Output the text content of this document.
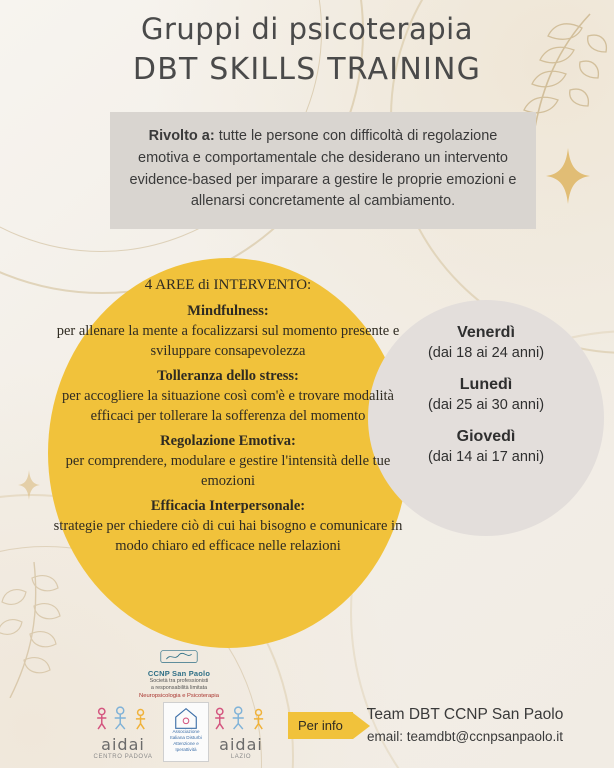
Gruppi di psicoterapia
DBT SKILLS TRAINING
Rivolto a: tutte le persone con difficoltà di regolazione emotiva e comportamentale che desiderano un intervento evidence-based per imparare a gestire le proprie emozioni e allenarsi concretamente al cambiamento.
4 AREE di INTERVENTO:
Mindfulness:
per allenare la mente a focalizzarsi sul momento presente e sviluppare consapevolezza
Tolleranza dello stress:
per accogliere la situazione così com'è e trovare modalità efficaci per tollerare la sofferenza del momento
Regolazione Emotiva:
per comprendere, modulare e gestire l'intensità delle tue emozioni
Efficacia Interpersonale:
strategie per chiedere ciò di cui hai bisogno e comunicare in modo chiaro ed efficace nelle relazioni
Venerdì
(dai 18 ai 24 anni)
Lunedì
(dai 25 ai 30 anni)
Giovedì
(dai 14 ai 17 anni)
CCNP San Paolo
Società tra professionisti
a responsabilità limitata
Neuropsicologia e Psicoterapia
aidai
CENTRO PADOVA
Associazione Italiana Disturbi Attenzione e Iperattività	aidai
LAZIO
Per info
Team DBT CCNP San Paolo
email: teamdbt@ccnpsanpaolo.it
